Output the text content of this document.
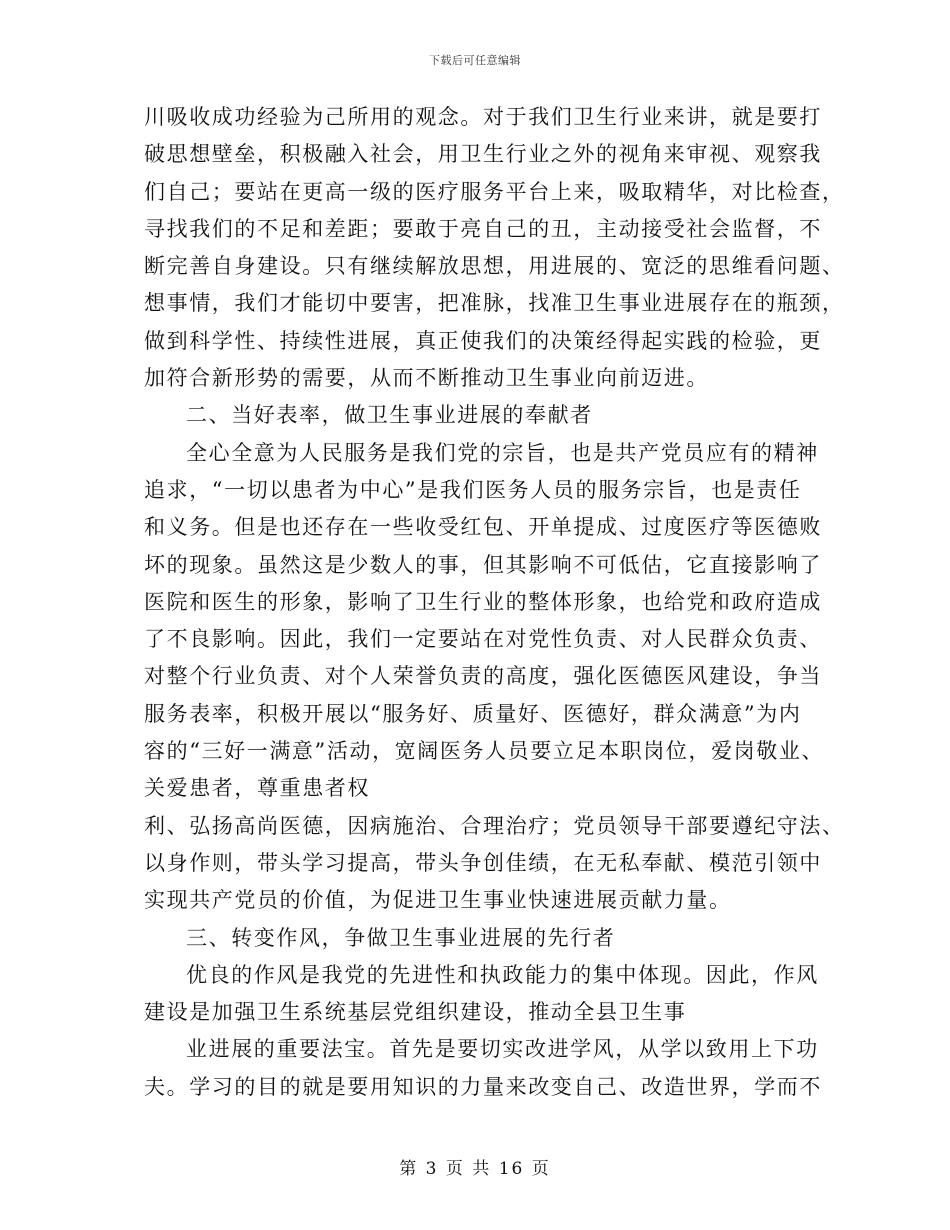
下载后可任意编辑
川吸收成功经验为己所用的观念。对于我们卫生行业来讲，就是要打
破思想壁垒，积极融入社会，用卫生行业之外的视角来审视、观察我
们自己；要站在更高一级的医疗服务平台上来，吸取精华，对比检查，
寻找我们的不足和差距；要敢于亮自己的丑，主动接受社会监督，不
断完善自身建设。只有继续解放思想，用进展的、宽泛的思维看问题、
想事情，我们才能切中要害，把准脉，找准卫生事业进展存在的瓶颈，
做到科学性、持续性进展，真正使我们的决策经得起实践的检验，更
加符合新形势的需要，从而不断推动卫生事业向前迈进。
二、当好表率，做卫生事业进展的奉献者
全心全意为人民服务是我们党的宗旨，也是共产党员应有的精神
追求，“一切以患者为中心”是我们医务人员的服务宗旨，也是责任
和义务。但是也还存在一些收受红包、开单提成、过度医疗等医德败
坏的现象。虽然这是少数人的事，但其影响不可低估，它直接影响了
医院和医生的形象，影响了卫生行业的整体形象，也给党和政府造成
了不良影响。因此，我们一定要站在对党性负责、对人民群众负责、
对整个行业负责、对个人荣誉负责的高度，强化医德医风建设，争当
服务表率，积极开展以“服务好、质量好、医德好，群众满意”为内
容的“三好一满意”活动，宽阔医务人员要立足本职岗位，爱岗敬业、
关爱患者，尊重患者权
利、弘扬高尚医德，因病施治、合理治疗；党员领导干部要遵纪守法、
以身作则，带头学习提高，带头争创佳绩，在无私奉献、模范引领中
实现共产党员的价值，为促进卫生事业快速进展贡献力量。
三、转变作风，争做卫生事业进展的先行者
优良的作风是我党的先进性和执政能力的集中体现。因此，作风
建设是加强卫生系统基层党组织建设，推动全县卫生事
业进展的重要法宝。首先是要切实改进学风，从学以致用上下功
夫。学习的目的就是要用知识的力量来改变自己、改造世界，学而不
第 3 页 共 16 页
